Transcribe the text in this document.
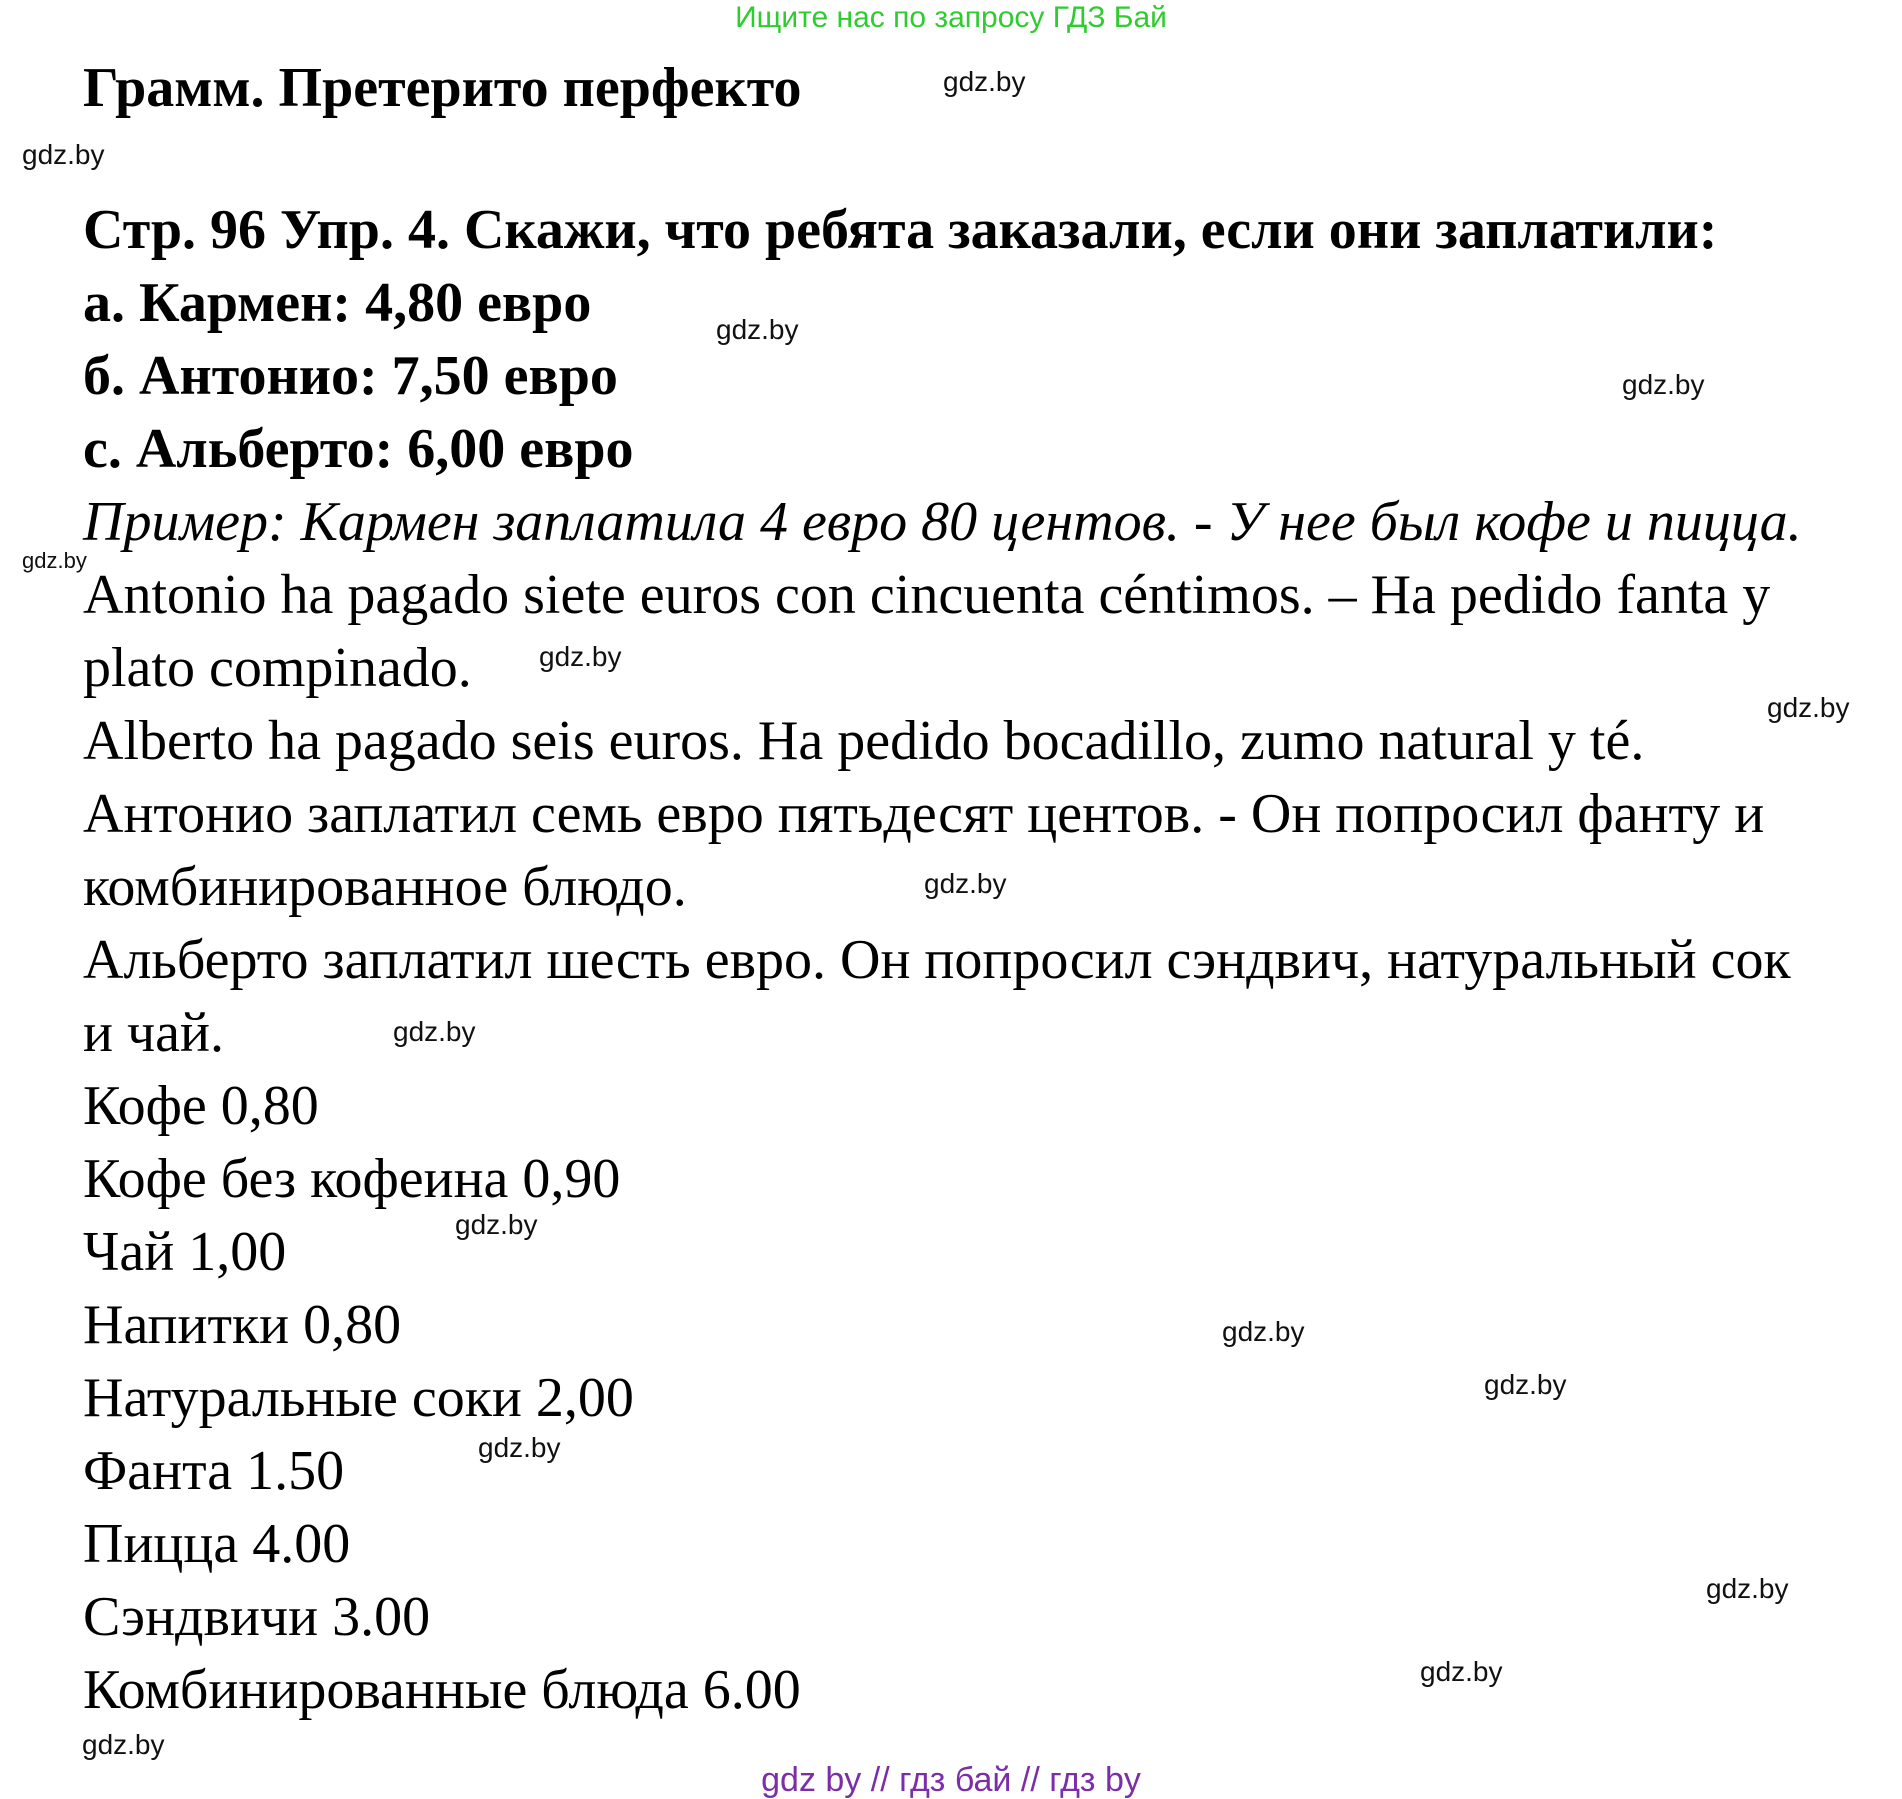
Ищите нас по запросу ГДЗ Бай
Грамм. Претерито перфекто
Стр. 96 Упр. 4. Скажи, что ребята заказали, если они заплатили:
а. Кармен: 4,80 евро
б. Антонио: 7,50 евро
с. Альберто: 6,00 евро
Пример: Кармен заплатила 4 евро 80 центов. - У нее был кофе и пицца.
Antonio ha pagado siete euros con cincuenta céntimos. – Ha pedido fanta y
plato compinado.
Alberto ha pagado seis euros. Ha pedido bocadillo, zumo natural y té.
Антонио заплатил семь евро пятьдесят центов. - Он попросил фанту и
комбинированное блюдо.
Альберто заплатил шесть евро. Он попросил сэндвич, натуральный сок
и чай.
Кофе 0,80
Кофе без кофеина 0,90
Чай 1,00
Напитки 0,80
Натуральные соки 2,00
Фанта 1.50
Пицца 4.00
Сэндвичи 3.00
Комбинированные блюда 6.00
gdz.by
gdz.by
gdz.by
gdz.by
gdz.by
gdz.by
gdz.by
gdz.by
gdz.by
gdz.by
gdz.by
gdz.by
gdz.by
gdz.by
gdz.by
gdz.by
gdz by // гдз бай // гдз by
